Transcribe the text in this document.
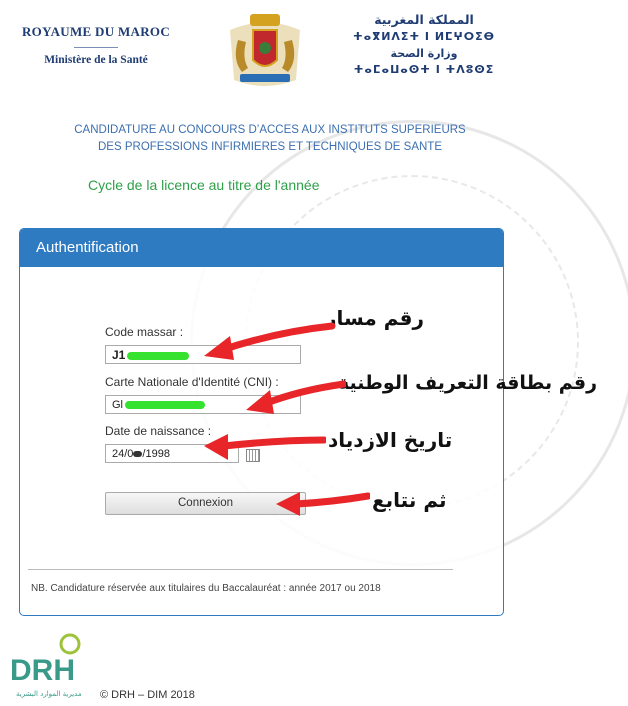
ROYAUME DU MAROC
Ministère de la Santé
المملكة المغربية
ⵜⴰⴳⵍⴷⵉⵜ ⵏ ⵍⵎⵖⵔⵉⴱ
وزارة الصحة
ⵜⴰⵎⴰⵡⴰⵙⵜ ⵏ ⵜⴷⵓⵙⵉ
CANDIDATURE AU CONCOURS D’ACCES AUX INSTITUTS SUPERIEURS
DES PROFESSIONS INFIRMIERES ET TECHNIQUES DE SANTE
Cycle de la licence au titre de l'année
Authentification
Code massar :
J1
Carte Nationale d'Identité (CNI) :
Gl
Date de naissance :
24/0 /1998
Connexion
NB. Candidature réservée aux titulaires du Baccalauréat : année 2017 ou 2018
رقم مسار
رقم بطاقة التعريف الوطنية
تاريخ الازدياد
ثم نتابع
DRH
مديرية الموارد البشرية © DRH – DIM 2018
